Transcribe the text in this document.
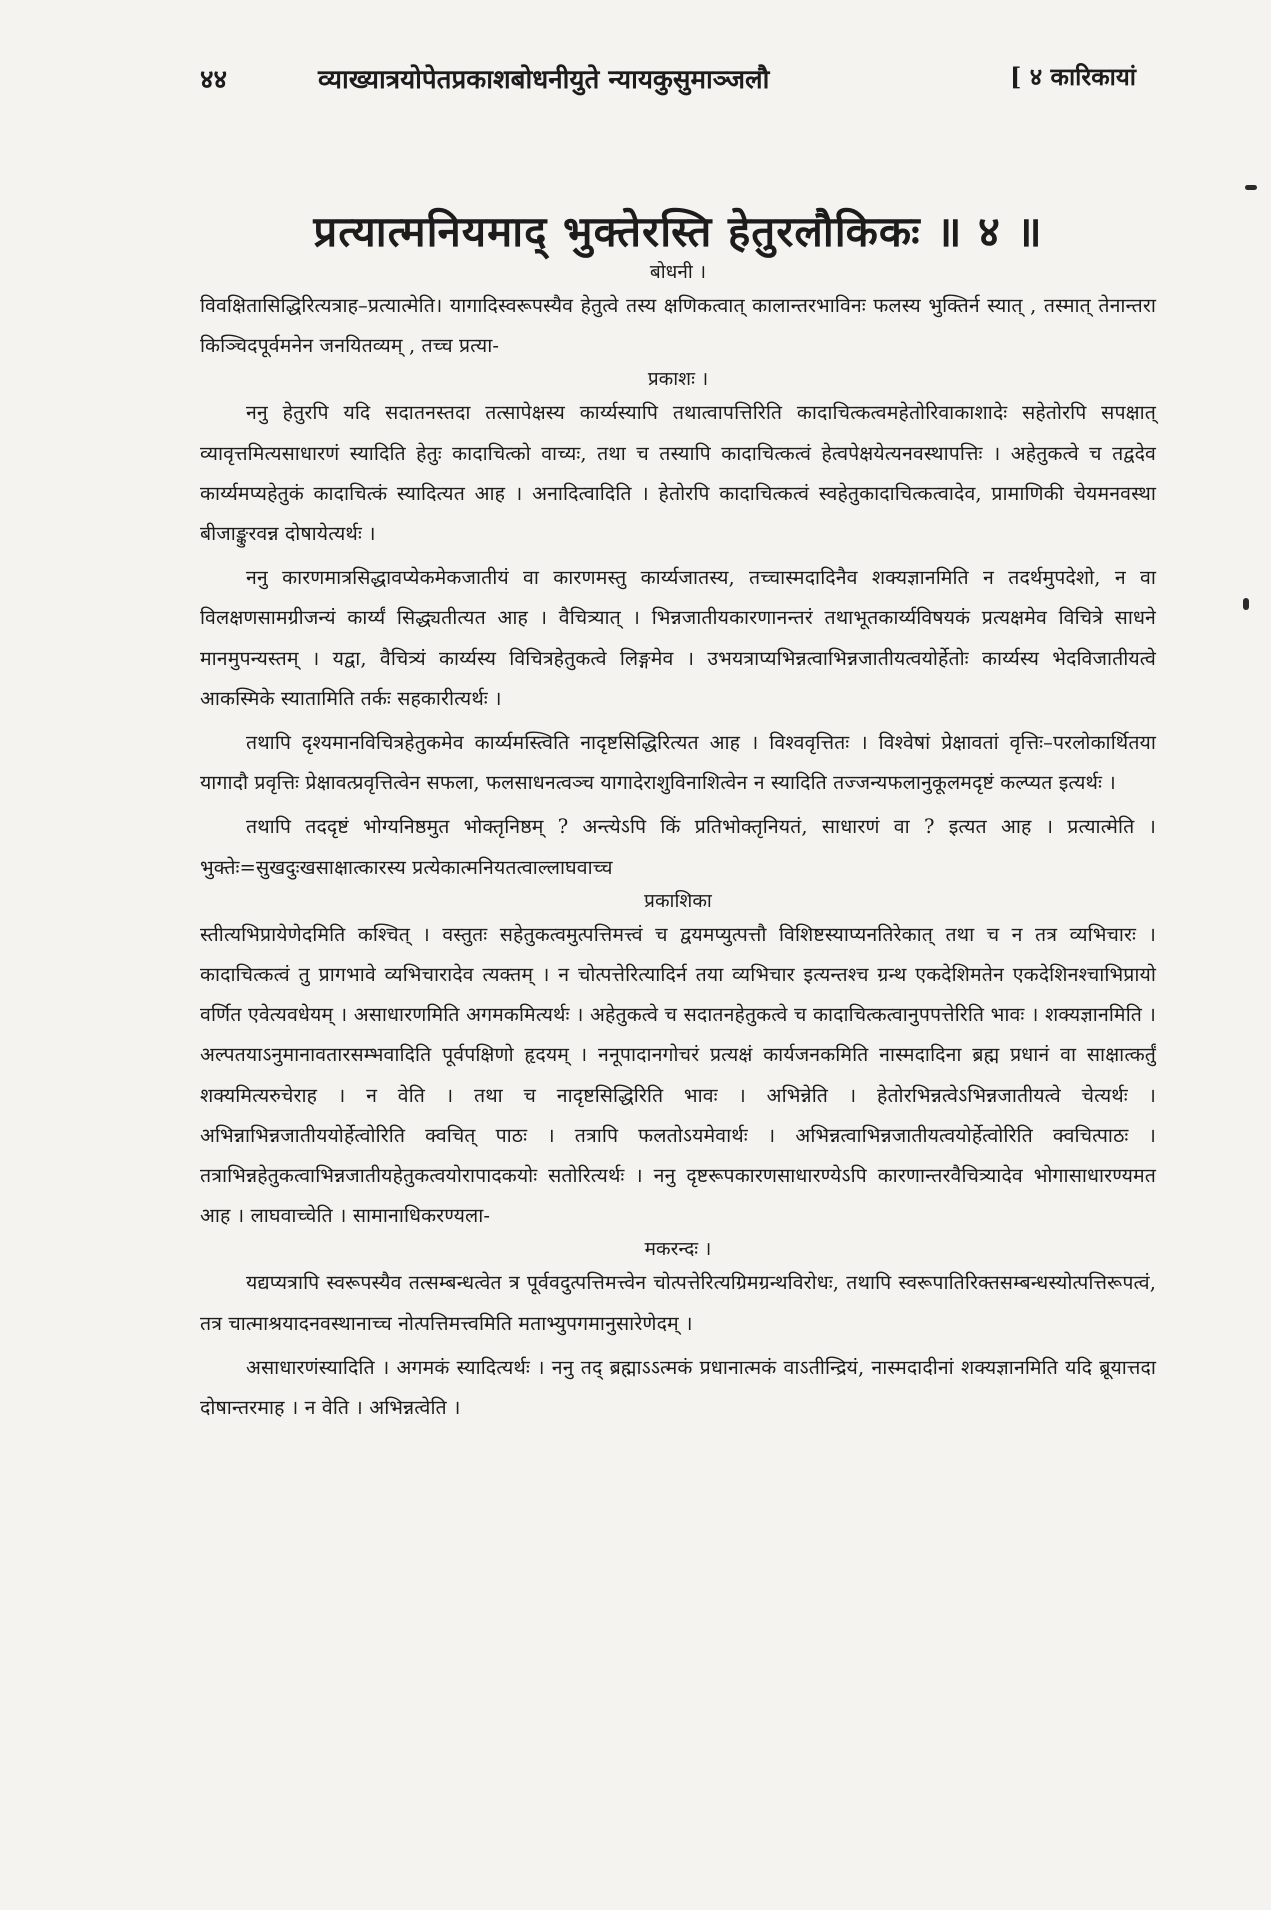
४४	व्याख्यात्रयोपेतप्रकाशबोधनीयुते न्यायकुसुमाञ्जलौ	[ ४ कारिकायां
प्रत्यात्मनियमाद् भुक्तेरस्ति हेतुरलौकिकः ॥ ४ ॥
बोधनी ।

विवक्षितासिद्धिरित्यत्राह–प्रत्यात्मेति। यागादिस्वरूपस्यैव हेतुत्वे तस्य क्षणिकत्वात् कालान्तरभाविनः फलस्य भुक्तिर्न स्यात् , तस्मात् तेनान्तरा किञ्चिदपूर्वमनेन जनयितव्यम् , तच्च प्रत्या-

प्रकाशः ।

ननु हेतुरपि यदि सदातनस्तदा तत्सापेक्षस्य कार्य्यस्यापि तथात्वापत्तिरिति कादाचित्कत्वमहेतोरिवाकाशादेः सहेतोरपि सपक्षात् व्यावृत्तमित्यसाधारणं स्यादिति हेतुः कादाचित्को वाच्यः, तथा च तस्यापि कादाचित्कत्वं हेत्वपेक्षयेत्यनवस्थापत्तिः । अहेतुकत्वे च तद्वदेव कार्य्यमप्यहेतुकं कादाचित्कं स्यादित्यत आह । अनादित्वादिति । हेतोरपि कादाचित्कत्वं स्वहेतुकादाचित्कत्वादेव, प्रामाणिकी चेयमनवस्था बीजाङ्कुरवन्न दोषायेत्यर्थः ।

ननु कारणमात्रसिद्धावप्येकमेकजातीयं वा कारणमस्तु कार्य्यजातस्य, तच्चास्मदादिनैव शक्यज्ञानमिति न तदर्थमुपदेशो, न वा विलक्षणसामग्रीजन्यं कार्य्यं सिद्ध्यतीत्यत आह । वैचित्र्यात् । भिन्नजातीयकारणानन्तरं तथाभूतकार्य्यविषयकं प्रत्यक्षमेव विचित्रे साधने मानमुपन्यस्तम् । यद्वा, वैचित्र्यं कार्य्यस्य विचित्रहेतुकत्वे लिङ्गमेव । उभयत्राप्यभिन्नत्वाभिन्नजातीयत्वयोर्हेतोः कार्य्यस्य भेदविजातीयत्वे आकस्मिके स्यातामिति तर्कः सहकारीत्यर्थः ।

तथापि दृश्यमानविचित्रहेतुकमेव कार्य्यमस्त्विति नादृष्टसिद्धिरित्यत आह । विश्ववृत्तितः । विश्वेषां प्रेक्षावतां वृत्तिः–परलोकार्थितया यागादौ प्रवृत्तिः प्रेक्षावत्प्रवृत्तित्वेन सफला, फलसाधनत्वञ्च यागादेराशुविनाशित्वेन न स्यादिति तज्जन्यफलानुकूलमदृष्टं कल्प्यत इत्यर्थः ।

तथापि तददृष्टं भोग्यनिष्ठमुत भोक्तृनिष्ठम् ? अन्त्येऽपि किं प्रतिभोक्तृनियतं, साधारणं वा ? इत्यत आह । प्रत्यात्मेति । भुक्तेः=सुखदुःखसाक्षात्कारस्य प्रत्येकात्मनियतत्वाल्लाघवाच्च

प्रकाशिका

स्तीत्यभिप्रायेणेदमिति कश्चित् । वस्तुतः सहेतुकत्वमुत्पत्तिमत्त्वं च द्वयमप्युत्पत्तौ विशिष्टस्याप्यनतिरेकात् तथा च न तत्र व्यभिचारः । कादाचित्कत्वं तु प्रागभावे व्यभिचारादेव त्यक्तम् । न चोत्पत्तेरित्यादिर्न तया व्यभिचार इत्यन्तश्च ग्रन्थ एकदेशिमतेन एकदेशिनश्चाभिप्रायो वर्णित एवेत्यवधेयम् । असाधारणमिति अगमकमित्यर्थः । अहेतुकत्वे च सदातनहेतुकत्वे च कादाचित्कत्वानुपपत्तेरिति भावः । शक्यज्ञानमिति । अल्पतयाऽनुमानावतारसम्भवादिति पूर्वपक्षिणो हृदयम् । ननूपादानगोचरं प्रत्यक्षं कार्यजनकमिति नास्मदादिना ब्रह्म प्रधानं वा साक्षात्कर्तुं शक्यमित्यरुचेराह । न वेति । तथा च नादृष्टसिद्धिरिति भावः । अभिन्नेति । हेतोरभिन्नत्वेऽभिन्नजातीयत्वे चेत्यर्थः । अभिन्नाभिन्नजातीययोर्हेत्वोरिति क्वचित् पाठः । तत्रापि फलतोऽयमेवार्थः । अभिन्नत्वाभिन्नजातीयत्वयोर्हेत्वोरिति क्वचित्पाठः । तत्राभिन्नहेतुकत्वाभिन्नजातीयहेतुकत्वयोरापादकयोः सतोरित्यर्थः । ननु दृष्टरूपकारणसाधारण्येऽपि कारणान्तरवैचित्र्यादेव भोगासाधारण्यमत आह । लाघवाच्चेति । सामानाधिकरण्यला-

मकरन्दः ।

यद्यप्यत्रापि स्वरूपस्यैव तत्सम्बन्धत्वेत त्र पूर्ववदुत्पत्तिमत्त्वेन चोत्पत्तेरित्यग्रिमग्रन्थविरोधः, तथापि स्वरूपातिरिक्तसम्बन्धस्योत्पत्तिरूपत्वं, तत्र चात्माश्रयादनवस्थानाच्च नोत्पत्तिमत्त्वमिति मताभ्युपगमानुसारेणेदम् ।

असाधारणंस्यादिति । अगमकं स्यादित्यर्थः । ननु तद् ब्रह्माऽऽत्मकं प्रधानात्मकं वाऽतीन्द्रियं, नास्मदादीनां शक्यज्ञानमिति यदि ब्रूयात्तदा दोषान्तरमाह । न वेति । अभिन्नत्वेति ।
